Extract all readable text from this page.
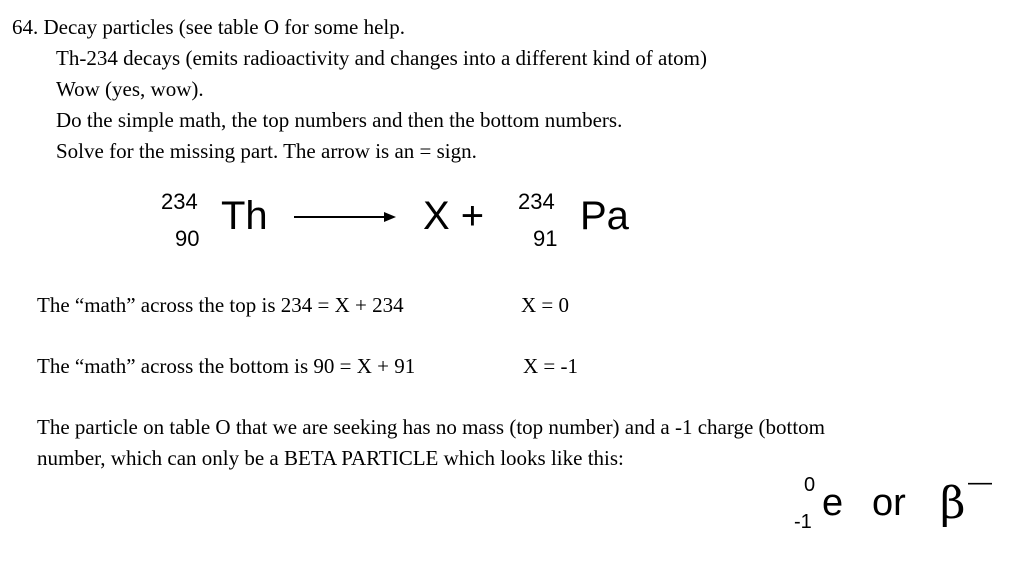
64. Decay particles (see table O for some help.
Th-234 decays (emits radioactivity and changes into a different kind of atom)
Wow (yes, wow).
Do the simple math, the top numbers and then the bottom numbers.
Solve for the missing part. The arrow is an = sign.
234
90
Th	X + 234
91
Pa
The “math” across the top is 234 = X + 234	X = 0
The “math” across the bottom is 90 = X + 91	X = -1
The particle on table O that we are seeking has no mass (top number) and a -1 charge (bottom
number, which can only be a BETA PARTICLE which looks like this:
0
-1 e or β —
